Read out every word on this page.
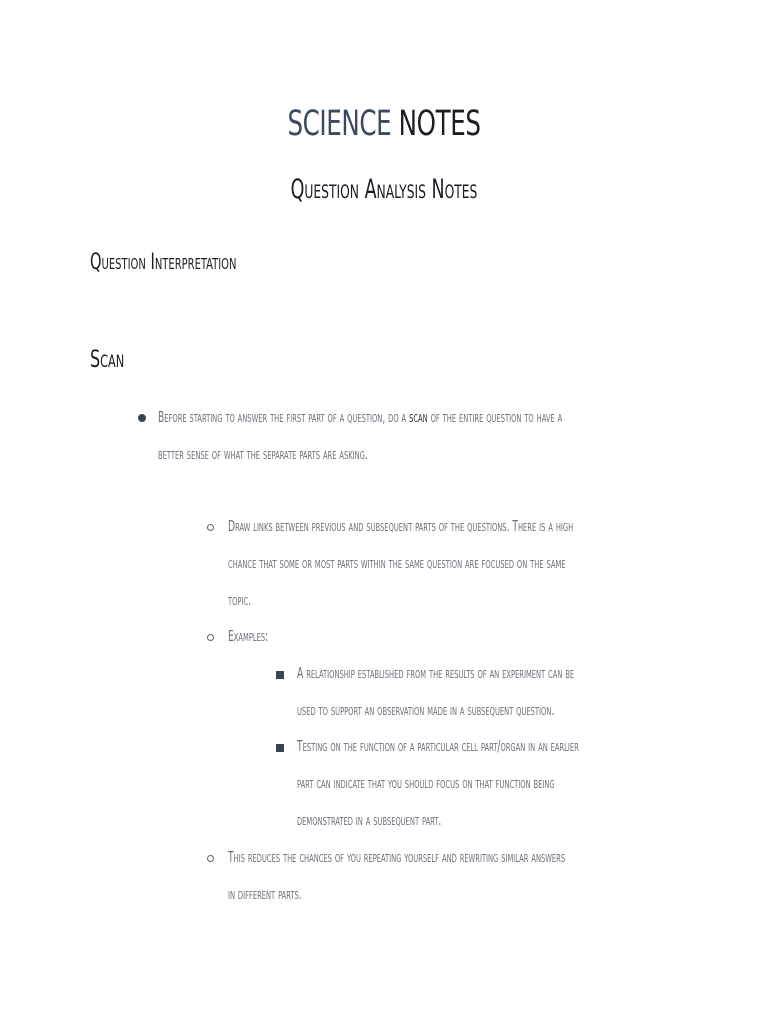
SCIENCE NOTES
Question Analysis Notes
Question Interpretation
Scan
Before starting to answer the first part of a question, do a scan of the entire question to have a
better sense of what the separate parts are asking.
Draw links between previous and subsequent parts of the questions. There is a high
chance that some or most parts within the same question are focused on the same
topic.
Examples:
A relationship established from the results of an experiment can be
used to support an observation made in a subsequent question.
Testing on the function of a particular cell part/organ in an earlier
part can indicate that you should focus on that function being
demonstrated in a subsequent part.
This reduces the chances of you repeating yourself and rewriting similar answers
in different parts.
